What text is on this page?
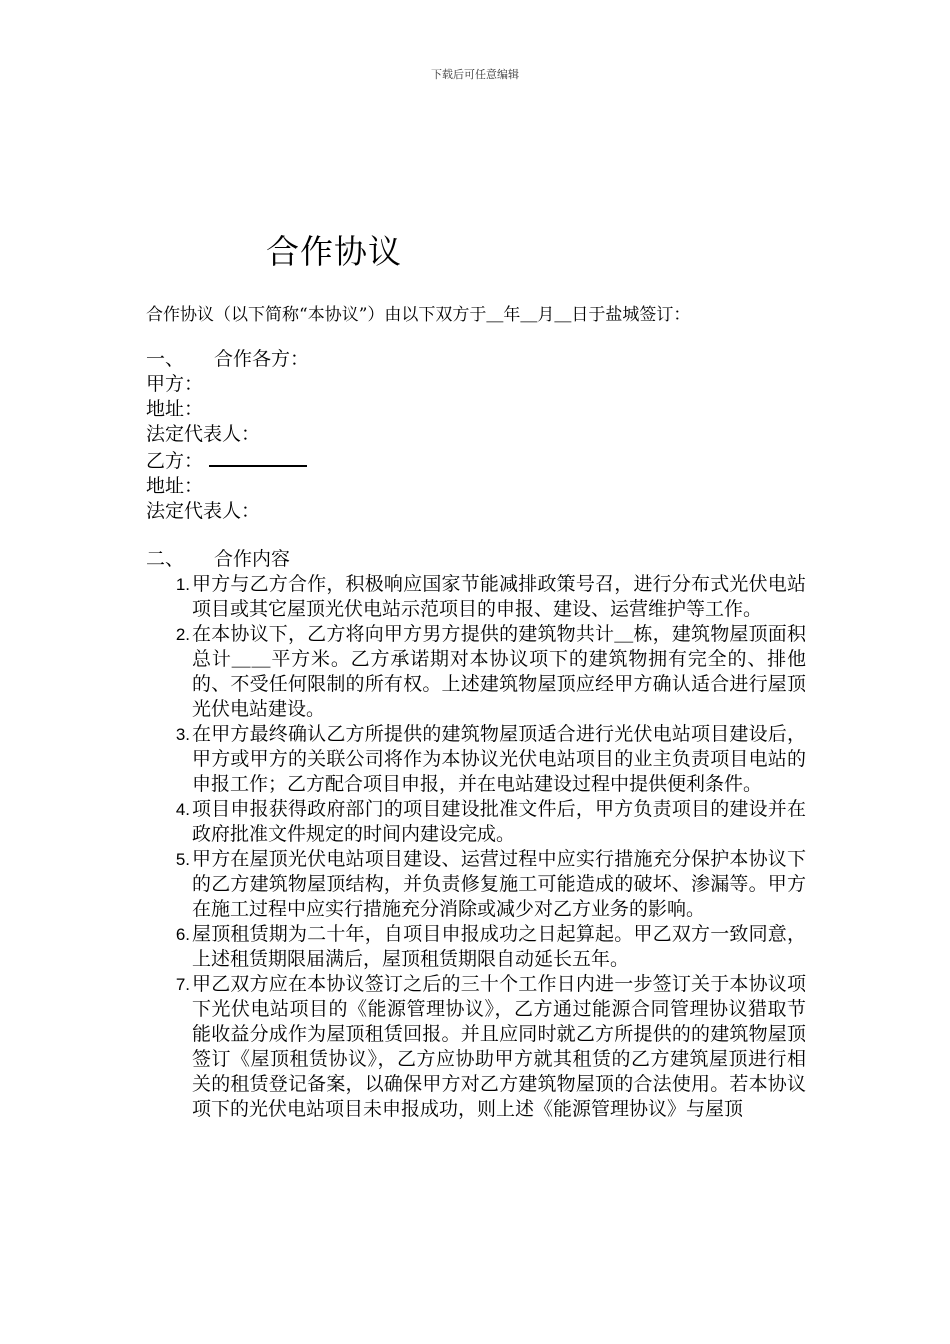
下载后可任意编辑
合作协议
合作协议（以下简称“本协议”）由以下双方于＿年＿月＿日于盐城签订：
一、	合作各方：
甲方：
地址：
法定代表人：
乙方：
地址：
法定代表人：
二、	合作内容
1. 甲方与乙方合作，积极响应国家节能减排政策号召，进行分布式光伏电站项目或其它屋顶光伏电站示范项目的申报、建设、运营维护等工作。
2. 在本协议下，乙方将向甲方男方提供的建筑物共计＿栋，建筑物屋顶面积总计＿＿平方米。乙方承诺期对本协议项下的建筑物拥有完全的、排他的、不受任何限制的所有权。上述建筑物屋顶应经甲方确认适合进行屋顶光伏电站建设。
3. 在甲方最终确认乙方所提供的建筑物屋顶适合进行光伏电站项目建设后，甲方或甲方的关联公司将作为本协议光伏电站项目的业主负责项目电站的申报工作；乙方配合项目申报，并在电站建设过程中提供便利条件。
4. 项目申报获得政府部门的项目建设批准文件后，甲方负责项目的建设并在政府批准文件规定的时间内建设完成。
5. 甲方在屋顶光伏电站项目建设、运营过程中应实行措施充分保护本协议下的乙方建筑物屋顶结构，并负责修复施工可能造成的破坏、渗漏等。甲方在施工过程中应实行措施充分消除或减少对乙方业务的影响。
6. 屋顶租赁期为二十年，自项目申报成功之日起算起。甲乙双方一致同意，上述租赁期限届满后，屋顶租赁期限自动延长五年。
7. 甲乙双方应在本协议签订之后的三十个工作日内进一步签订关于本协议项下光伏电站项目的《能源管理协议》，乙方通过能源合同管理协议猎取节能收益分成作为屋顶租赁回报。并且应同时就乙方所提供的的建筑物屋顶签订《屋顶租赁协议》，乙方应协助甲方就其租赁的乙方建筑屋顶进行相关的租赁登记备案，以确保甲方对乙方建筑物屋顶的合法使用。若本协议项下的光伏电站项目未申报成功，则上述《能源管理协议》与屋顶
